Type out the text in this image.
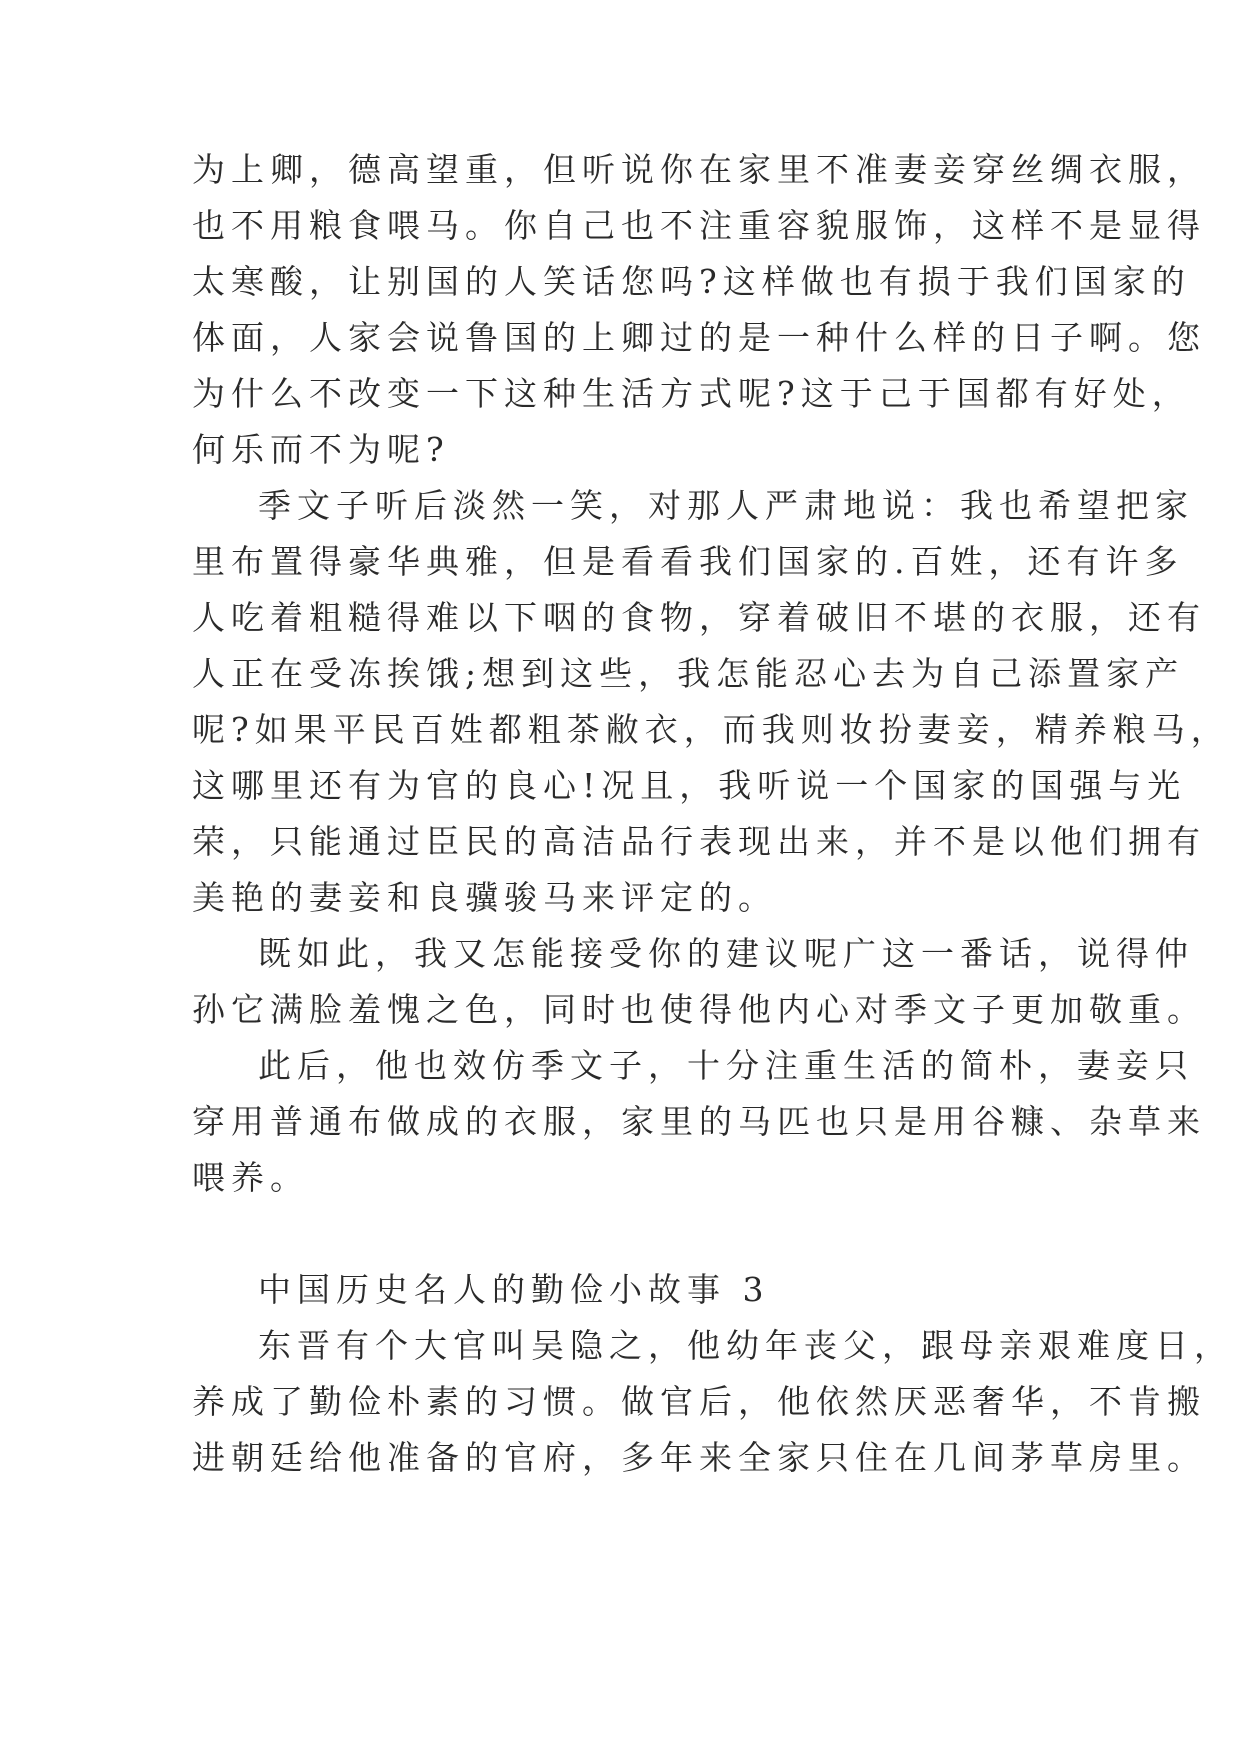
为上卿，德高望重，但听说你在家里不准妻妾穿丝绸衣服，
也不用粮食喂马。你自己也不注重容貌服饰，这样不是显得
太寒酸，让别国的人笑话您吗?这样做也有损于我们国家的
体面，人家会说鲁国的上卿过的是一种什么样的日子啊。您
为什么不改变一下这种生活方式呢?这于己于国都有好处，
何乐而不为呢?
季文子听后淡然一笑，对那人严肃地说：我也希望把家
里布置得豪华典雅，但是看看我们国家的.百姓，还有许多
人吃着粗糙得难以下咽的食物，穿着破旧不堪的衣服，还有
人正在受冻挨饿;想到这些，我怎能忍心去为自己添置家产
呢?如果平民百姓都粗茶敝衣，而我则妆扮妻妾，精养粮马，
这哪里还有为官的良心!况且，我听说一个国家的国强与光
荣，只能通过臣民的高洁品行表现出来，并不是以他们拥有
美艳的妻妾和良骥骏马来评定的。
既如此，我又怎能接受你的建议呢广这一番话，说得仲
孙它满脸羞愧之色，同时也使得他内心对季文子更加敬重。
此后，他也效仿季文子，十分注重生活的简朴，妻妾只
穿用普通布做成的衣服，家里的马匹也只是用谷糠、杂草来
喂养。
中国历史名人的勤俭小故事 3
东晋有个大官叫吴隐之，他幼年丧父，跟母亲艰难度日，
养成了勤俭朴素的习惯。做官后，他依然厌恶奢华，不肯搬
进朝廷给他准备的官府，多年来全家只住在几间茅草房里。
